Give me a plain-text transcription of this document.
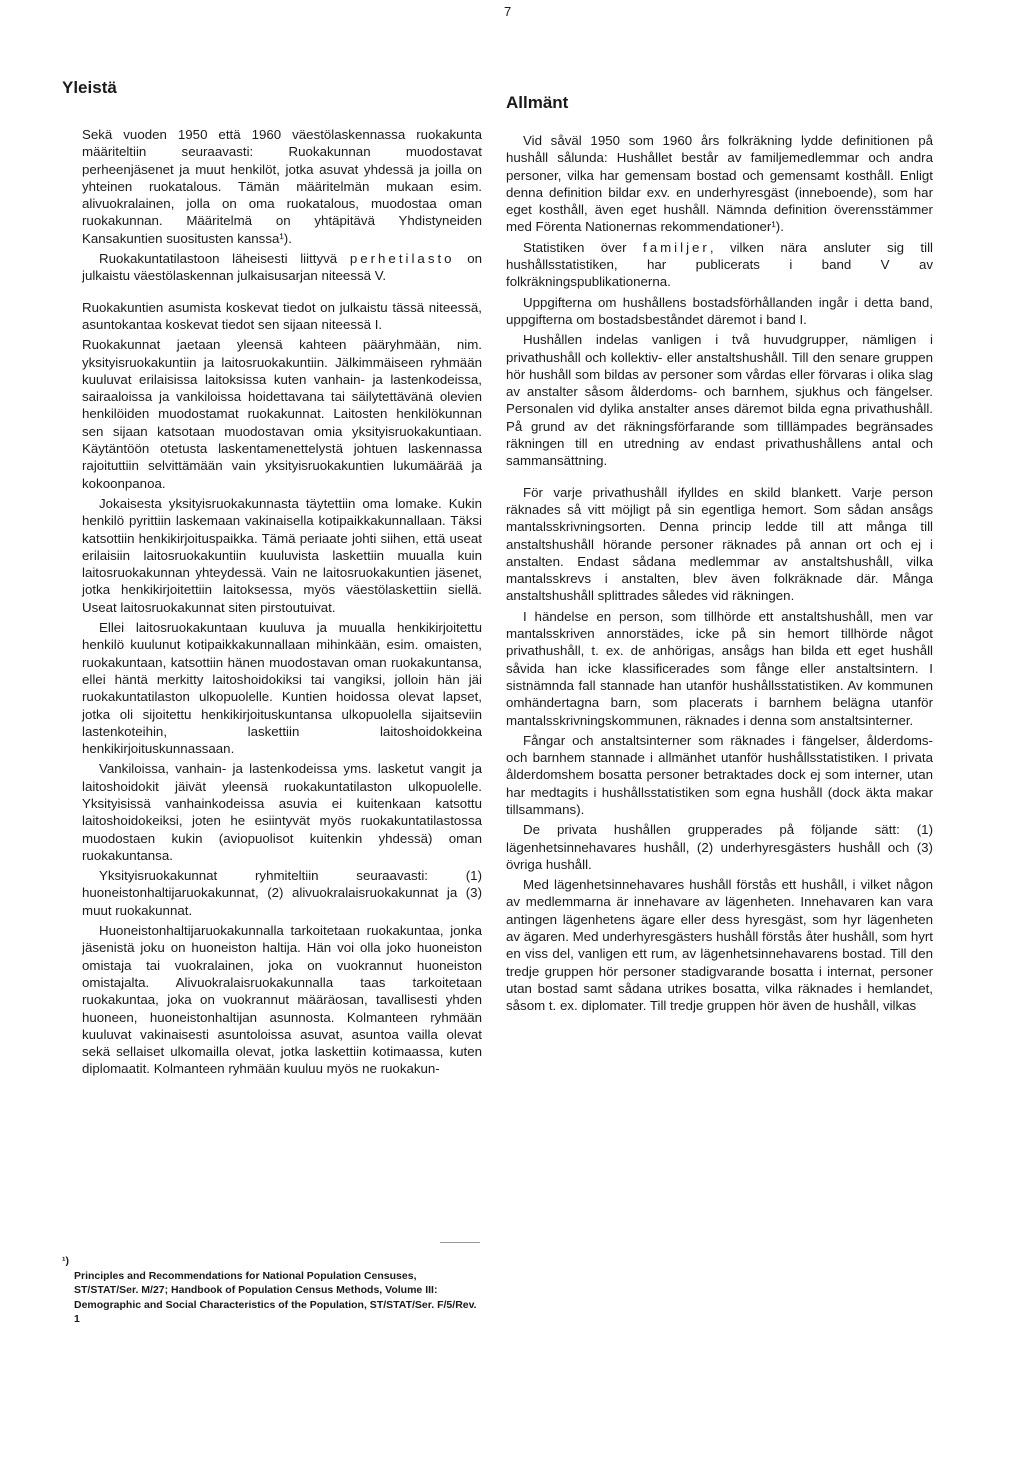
7
Yleistä

Sekä vuoden 1950 että 1960 väestölaskennassa ruokakunta määriteltiin seuraavasti: Ruokakunnan muodostavat perheenjäsenet ja muut henkilöt, jotka asuvat yhdessä ja joilla on yhteinen ruokatalous. Tämän määritelmän mukaan esim. alivuokralainen, jolla on oma ruokatalous, muodostaa oman ruokakunnan. Määritelmä on yhtäpitävä Yhdistyneiden Kansakuntien suositusten kanssa¹).

Ruokakuntatilastoon läheisesti liittyvä perhetilasto on julkaistu väestölaskennan julkaisusarjan niteessä V.

Ruokakuntien asumista koskevat tiedot on julkaistu tässä niteessä, asuntokantaa koskevat tiedot sen sijaan niteessä I.

Ruokakunnat jaetaan yleensä kahteen pääryhmään, nim. yksityisruokakuntiin ja laitosruokakuntiin. Jälkimmäiseen ryhmään kuuluvat erilaisissa laitoksissa kuten vanhain- ja lastenkodeissa, sairaaloissa ja vankiloissa hoidettavana tai säilytettävänä olevien henkilöiden muodostamat ruokakunnat. Laitosten henkilökunnan sen sijaan katsotaan muodostavan omia yksityisruokakuntiaan. Käytäntöön otetusta laskentamenettelystä johtuen laskennassa rajoituttiin selvittämään vain yksityisruokakuntien lukumäärää ja kokoonpanoa.

Jokaisesta yksityisruokakunnasta täytettiin oma lomake. Kukin henkilö pyrittiin laskemaan vakinaisella kotipaikkakunnallaan. Täksi katsottiin henkikirjoituspaikka. Tämä periaate johti siihen, että useat erilaisiin laitosruokakuntiin kuuluvista laskettiin muualla kuin laitosruokakunnan yhteydessä. Vain ne laitosruokakuntien jäsenet, jotka henkikirjoitettiin laitoksessa, myös väestölaskettiin siellä. Useat laitosruokakunnat siten pirstoutuivat.

Ellei laitosruokakuntaan kuuluva ja muualla henkikirjoitettu henkilö kuulunut kotipaikkakunnallaan mihinkään, esim. omaisten, ruokakuntaan, katsottiin hänen muodostavan oman ruokakuntansa, ellei häntä merkitty laitoshoidokiksi tai vangiksi, jolloin hän jäi ruokakuntatilaston ulkopuolelle. Kuntien hoidossa olevat lapset, jotka oli sijoitettu henkikirjoituskuntansa ulkopuolella sijaitseviin lastenkoteihin, laskettiin laitoshoidokkeina henkikirjoituskunnassaan.

Vankiloissa, vanhain- ja lastenkodeissa yms. lasketut vangit ja laitoshoidokit jäivät yleensä ruokakuntatilaston ulkopuolelle. Yksityisissä vanhainkodeissa asuvia ei kuitenkaan katsottu laitoshoidokeiksi, joten he esiintyvät myös ruokakuntatilastossa muodostaen kukin (aviopuolisot kuitenkin yhdessä) oman ruokakuntansa.

Yksityisruokakunnat ryhmiteltiin seuraavasti: (1) huoneistonhaltijaruokakunnat, (2) alivuokralaisruokakunnat ja (3) muut ruokakunnat.

Huoneistonhaltijaruokakunnalla tarkoitetaan ruokakuntaa, jonka jäsenistä joku on huoneiston haltija. Hän voi olla joko huoneiston omistaja tai vuokralainen, joka on vuokrannut huoneiston omistajalta. Alivuokralaisruokakunnalla taas tarkoitetaan ruokakuntaa, joka on vuokrannut määräosan, tavallisesti yhden huoneen, huoneistonhaltijan asunnosta. Kolmanteen ryhmään kuuluvat vakinaisesti asuntoloissa asuvat, asuntoa vailla olevat sekä sellaiset ulkomailla olevat, jotka laskettiin kotimaassa, kuten diplomaatit. Kolmanteen ryhmään kuuluu myös ne ruokakun-

Allmänt

Vid såväl 1950 som 1960 års folkräkning lydde definitionen på hushåll sålunda: Hushållet består av familjemedlemmar och andra personer, vilka har gemensam bostad och gemensamt kosthåll. Enligt denna definition bildar exv. en underhyresgäst (inneboende), som har eget kosthåll, även eget hushåll. Nämnda definition överensstämmer med Förenta Nationernas rekommendationer¹).

Statistiken över familjer, vilken nära ansluter sig till hushållsstatistiken, har publicerats i band V av folkräkningspublikationerna.

Uppgifterna om hushållens bostadsförhållanden ingår i detta band, uppgifterna om bostadsbeståndet däremot i band I.

Hushållen indelas vanligen i två huvudgrupper, nämligen i privathushåll och kollektiv- eller anstaltshushåll. Till den senare gruppen hör hushåll som bildas av personer som vårdas eller förvaras i olika slag av anstalter såsom ålderdoms- och barnhem, sjukhus och fängelser. Personalen vid dylika anstalter anses däremot bilda egna privathushåll. På grund av det räkningsförfarande som tilllämpades begränsades räkningen till en utredning av endast privathushållens antal och sammansättning.

För varje privathushåll ifylldes en skild blankett. Varje person räknades så vitt möjligt på sin egentliga hemort. Som sådan ansågs mantalsskrivningsorten. Denna princip ledde till att många till anstaltshushåll hörande personer räknades på annan ort och ej i anstalten. Endast sådana medlemmar av anstaltshushåll, vilka mantalsskrevs i anstalten, blev även folkräknade där. Många anstaltshushåll splittrades således vid räkningen.

I händelse en person, som tillhörde ett anstaltshushåll, men var mantalsskriven annorstädes, icke på sin hemort tillhörde något privathushåll, t. ex. de anhörigas, ansågs han bilda ett eget hushåll såvida han icke klassificerades som fånge eller anstaltsintern. I sistnämnda fall stannade han utanför hushållsstatistiken. Av kommunen omhändertagna barn, som placerats i barnhem belägna utanför mantalsskrivningskommunen, räknades i denna som anstaltsinterner.

Fångar och anstaltsinterner som räknades i fängelser, ålderdoms- och barnhem stannade i allmänhet utanför hushållsstatistiken. I privata ålderdomshem bosatta personer betraktades dock ej som interner, utan har medtagits i hushållsstatistiken som egna hushåll (dock äkta makar tillsammans).

De privata hushållen grupperades på följande sätt: (1) lägenhetsinnehavares hushåll, (2) underhyresgästers hushåll och (3) övriga hushåll.

Med lägenhetsinnehavares hushåll förstås ett hushåll, i vilket någon av medlemmarna är innehavare av lägenheten. Innehavaren kan vara antingen lägenhetens ägare eller dess hyresgäst, som hyr lägenheten av ägaren. Med underhyresgästers hushåll förstås åter hushåll, som hyrt en viss del, vanligen ett rum, av lägenhetsinnehavarens bostad. Till den tredje gruppen hör personer stadigvarande bosatta i internat, personer utan bostad samt sådana utrikes bosatta, vilka räknades i hemlandet, såsom t. ex. diplomater. Till tredje gruppen hör även de hushåll, vilkas

¹)
Principles and Recommendations for National Population Censuses, ST/STAT/Ser. M/27; Handbook of Population Census Methods, Volume III: Demographic and Social Characteristics of the Population, ST/STAT/Ser. F/5/Rev. 1
